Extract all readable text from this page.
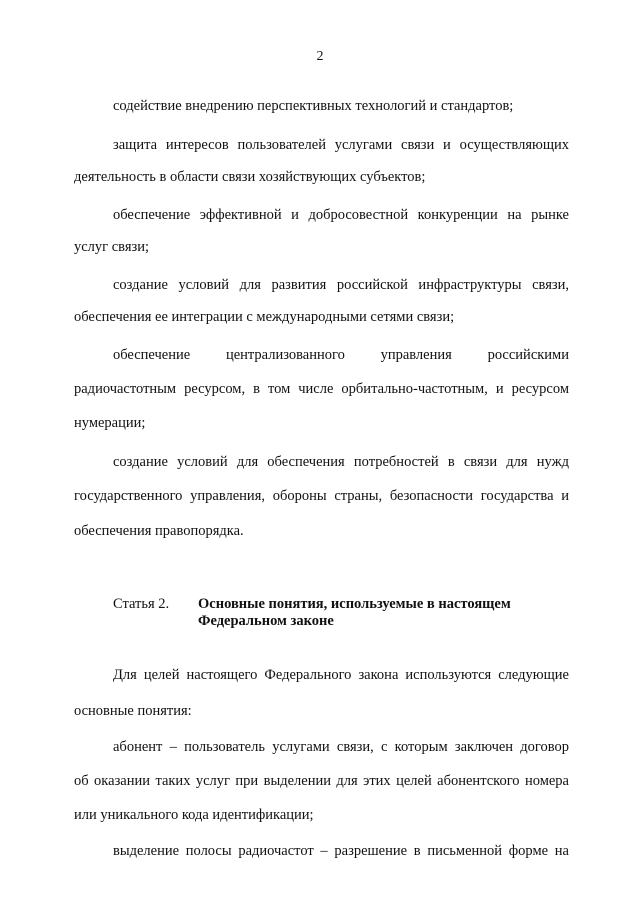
2
содействие внедрению перспективных технологий и стандартов;
защита интересов пользователей услугами связи и осуществляющих
деятельность в области связи хозяйствующих субъектов;
обеспечение эффективной и добросовестной конкуренции на рынке
услуг связи;
создание условий для развития российской инфраструктуры связи,
обеспечения ее интеграции с международными сетями связи;
обеспечение централизованного управления российскими
радиочастотным ресурсом, в том числе орбитально-частотным, и ресурсом
нумерации;
создание условий для обеспечения потребностей в связи для нужд
государственного управления, обороны страны, безопасности государства и
обеспечения правопорядка.
Статья 2. Основные понятия, используемые в настоящем
Федеральном законе
Для целей настоящего Федерального закона используются следующие
основные понятия:
абонент – пользователь услугами связи, с которым заключен договор
об оказании таких услуг при выделении для этих целей абонентского номера
или уникального кода идентификации;
выделение полосы радиочастот – разрешение в письменной форме на
